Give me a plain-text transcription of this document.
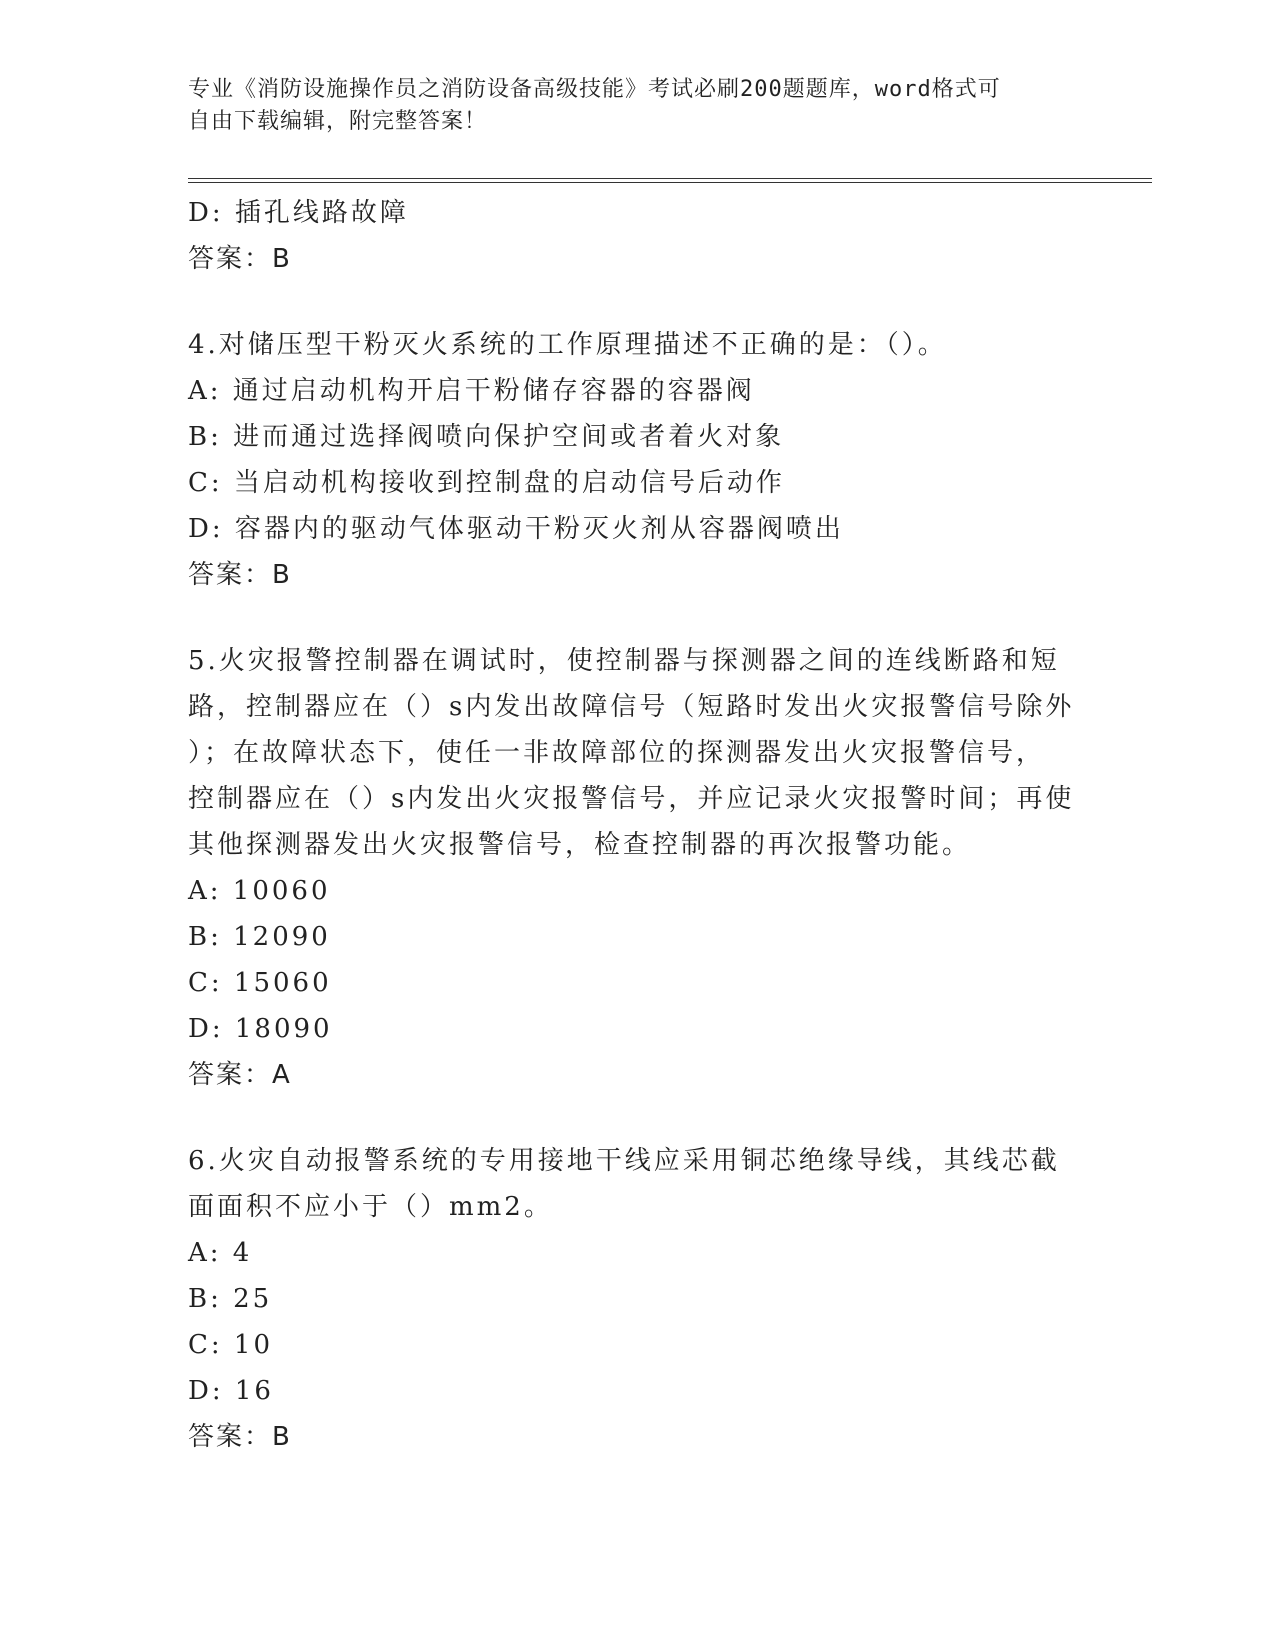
专业《消防设施操作员之消防设备高级技能》考试必刷200题题库，word格式可
自由下载编辑，附完整答案！
D: 插孔线路故障
答案：B
4.对储压型干粉灭火系统的工作原理描述不正确的是：（）。
A: 通过启动机构开启干粉储存容器的容器阀
B: 进而通过选择阀喷向保护空间或者着火对象
C: 当启动机构接收到控制盘的启动信号后动作
D: 容器内的驱动气体驱动干粉灭火剂从容器阀喷出
答案：B
5.火灾报警控制器在调试时，使控制器与探测器之间的连线断路和短
路，控制器应在（）s内发出故障信号（短路时发出火灾报警信号除外
）；在故障状态下，使任一非故障部位的探测器发出火灾报警信号，
控制器应在（）s内发出火灾报警信号，并应记录火灾报警时间；再使
其他探测器发出火灾报警信号，检查控制器的再次报警功能。
A: 10060
B: 12090
C: 15060
D: 18090
答案：A
6.火灾自动报警系统的专用接地干线应采用铜芯绝缘导线，其线芯截
面面积不应小于（）mm2。
A: 4
B: 25
C: 10
D: 16
答案：B
